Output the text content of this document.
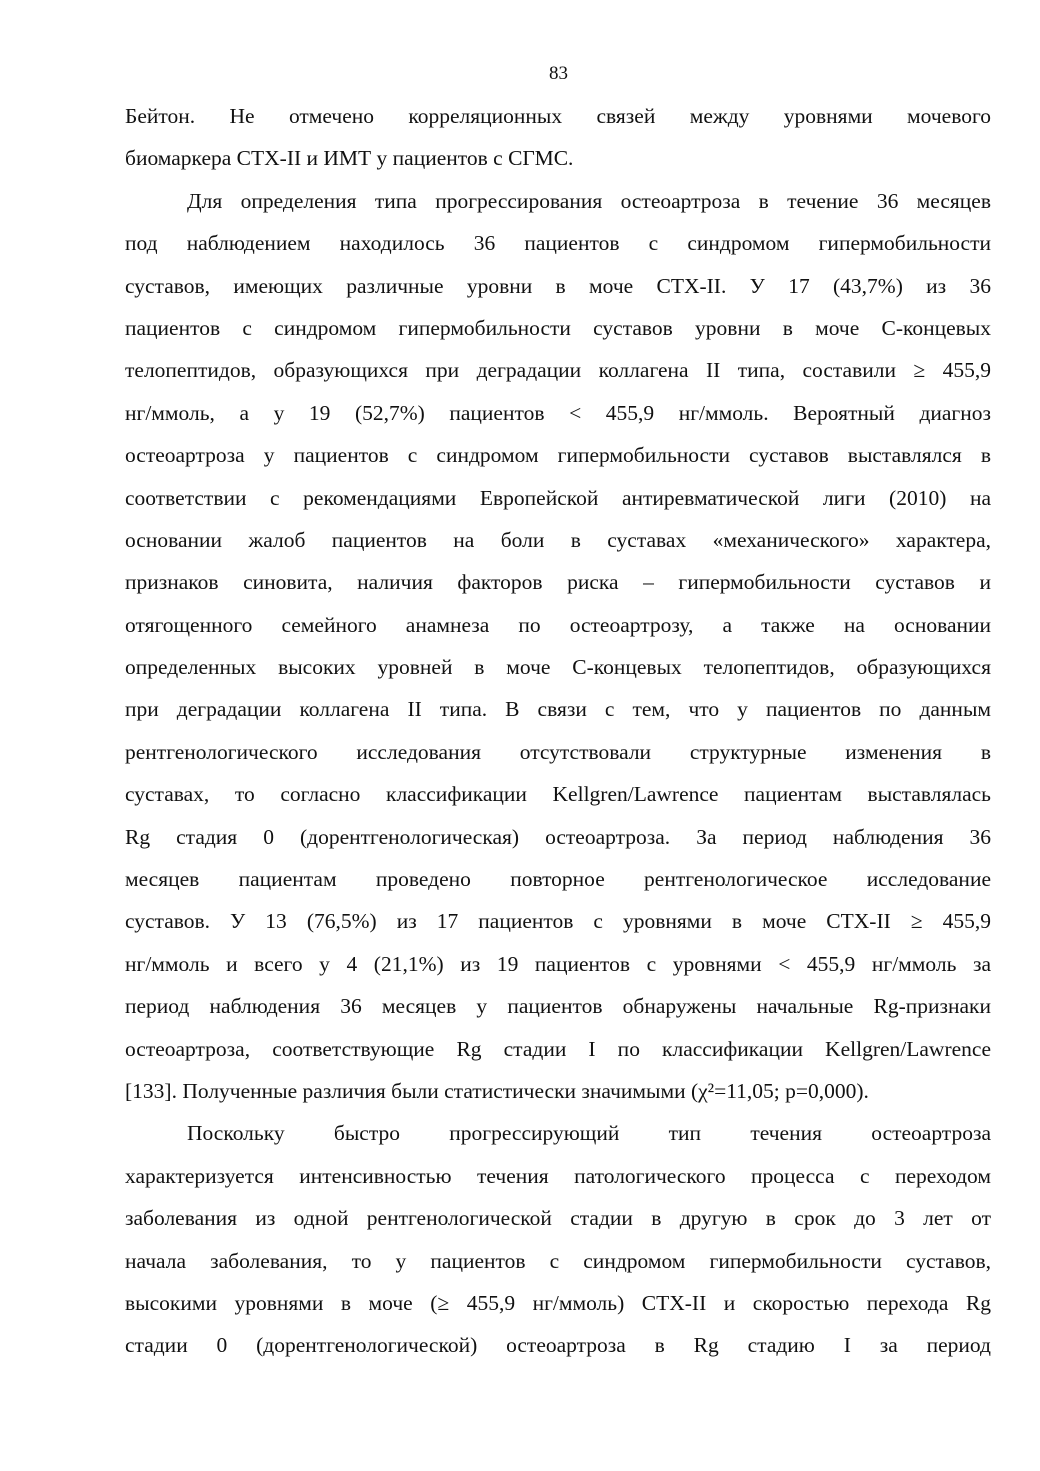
83
Бейтон. Не отмечено корреляционных связей между уровнями мочевого
биомаркера СТХ-II и ИМТ у пациентов с СГМС.
Для определения типа прогрессирования остеоартроза в течение 36 месяцев
под наблюдением находилось 36 пациентов с синдромом гипермобильности
суставов, имеющих различные уровни в моче СТХ-II. У 17 (43,7%) из 36
пациентов с синдромом гипермобильности суставов уровни в моче С-концевых
телопептидов, образующихся при деградации коллагена II типа, составили ≥ 455,9
нг/ммоль, а у 19 (52,7%) пациентов < 455,9 нг/ммоль. Вероятный диагноз
остеоартроза у пациентов с синдромом гипермобильности суставов выставлялся в
соответствии с рекомендациями Европейской антиревматической лиги (2010) на
основании жалоб пациентов на боли в суставах «механического» характера,
признаков синовита, наличия факторов риска – гипермобильности суставов и
отягощенного семейного анамнеза по остеоартрозу, а также на основании
определенных высоких уровней в моче С-концевых телопептидов, образующихся
при деградации коллагена II типа. В связи с тем, что у пациентов по данным
рентгенологического исследования отсутствовали структурные изменения в
суставах, то согласно классификации Kellgren/Lawrence пациентам выставлялась
Rg стадия 0 (дорентгенологическая) остеоартроза. За период наблюдения 36
месяцев пациентам проведено повторное рентгенологическое исследование
суставов. У 13 (76,5%) из 17 пациентов с уровнями в моче СТХ-II ≥ 455,9
нг/ммоль и всего у 4 (21,1%) из 19 пациентов с уровнями < 455,9 нг/ммоль за
период наблюдения 36 месяцев у пациентов обнаружены начальные Rg-признаки
остеоартроза, соответствующие Rg стадии I по классификации Kellgren/Lawrence
[133]. Полученные различия были статистически значимыми (χ²=11,05; p=0,000).
Поскольку быстро прогрессирующий тип течения остеоартроза
характеризуется интенсивностью течения патологического процесса с переходом
заболевания из одной рентгенологической стадии в другую в срок до 3 лет от
начала заболевания, то у пациентов с синдромом гипермобильности суставов,
высокими уровнями в моче (≥ 455,9 нг/ммоль) СТХ-II и скоростью перехода Rg
стадии 0 (дорентгенологической) остеоартроза в Rg стадию I за период
